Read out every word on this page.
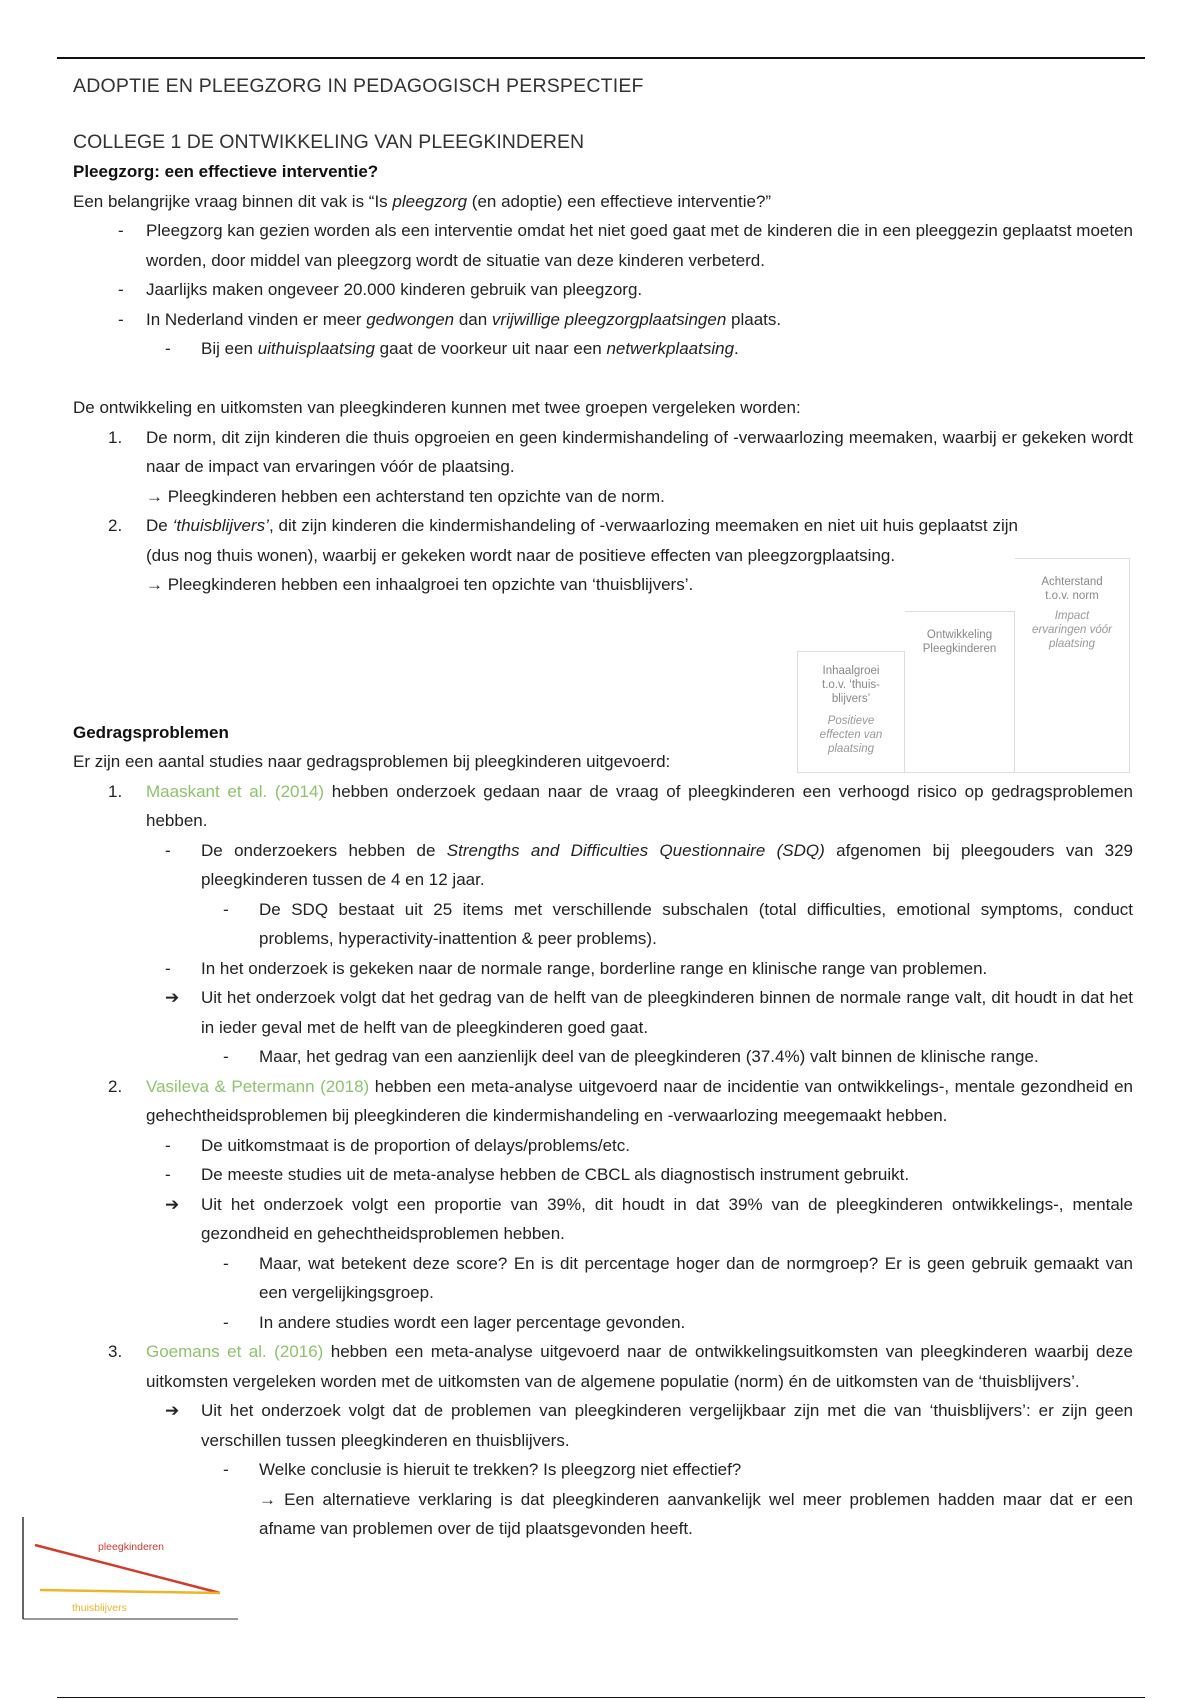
ADOPTIE EN PLEEGZORG IN PEDAGOGISCH PERSPECTIEF
COLLEGE 1 DE ONTWIKKELING VAN PLEEGKINDEREN

Pleegzorg: een effectieve interventie?

Een belangrijke vraag binnen dit vak is “Is pleegzorg (en adoptie) een effectieve interventie?”

- Pleegzorg kan gezien worden als een interventie omdat het niet goed gaat met de kinderen die in een pleeggezin geplaatst moeten worden, door middel van pleegzorg wordt de situatie van deze kinderen verbeterd.
- Jaarlijks maken ongeveer 20.000 kinderen gebruik van pleegzorg.
- In Nederland vinden er meer gedwongen dan vrijwillige pleegzorgplaatsingen plaats.
- Bij een uithuisplaatsing gaat de voorkeur uit naar een netwerkplaatsing.

De ontwikkeling en uitkomsten van pleegkinderen kunnen met twee groepen vergeleken worden:

1. De norm, dit zijn kinderen die thuis opgroeien en geen kindermishandeling of -verwaarlozing meemaken, waarbij er gekeken wordt naar de impact van ervaringen vóór de plaatsing.
→ Pleegkinderen hebben een achterstand ten opzichte van de norm.
2. De ‘thuisblijvers’, dit zijn kinderen die kindermishandeling of -verwaarlozing meemaken en niet uit huis geplaatst zijn (dus nog thuis wonen), waarbij er gekeken wordt naar de positieve effecten van pleegzorgplaatsing.
→ Pleegkinderen hebben een inhaalgroei ten opzichte van ‘thuisblijvers’.

Gedragsproblemen

Er zijn een aantal studies naar gedragsproblemen bij pleegkinderen uitgevoerd:

1. Maaskant et al. (2014) hebben onderzoek gedaan naar de vraag of pleegkinderen een verhoogd risico op gedragsproblemen hebben.
- De onderzoekers hebben de Strengths and Difficulties Questionnaire (SDQ) afgenomen bij pleegouders van 329 pleegkinderen tussen de 4 en 12 jaar.
- De SDQ bestaat uit 25 items met verschillende subschalen (total difficulties, emotional symptoms, conduct problems, hyperactivity-inattention & peer problems).
- In het onderzoek is gekeken naar de normale range, borderline range en klinische range van problemen.
➔ Uit het onderzoek volgt dat het gedrag van de helft van de pleegkinderen binnen de normale range valt, dit houdt in dat het in ieder geval met de helft van de pleegkinderen goed gaat.
- Maar, het gedrag van een aanzienlijk deel van de pleegkinderen (37.4%) valt binnen de klinische range.
2. Vasileva & Petermann (2018) hebben een meta-analyse uitgevoerd naar de incidentie van ontwikkelings-, mentale gezondheid en gehechtheidsproblemen bij pleegkinderen die kindermishandeling en -verwaarlozing meegemaakt hebben.
- De uitkomstmaat is de proportion of delays/problems/etc.
- De meeste studies uit de meta-analyse hebben de CBCL als diagnostisch instrument gebruikt.
➔ Uit het onderzoek volgt een proportie van 39%, dit houdt in dat 39% van de pleegkinderen ontwikkelings-, mentale gezondheid en gehechtheidsproblemen hebben.
- Maar, wat betekent deze score? En is dit percentage hoger dan de normgroep? Er is geen gebruik gemaakt van een vergelijkingsgroep.
- In andere studies wordt een lager percentage gevonden.
3. Goemans et al. (2016) hebben een meta-analyse uitgevoerd naar de ontwikkelingsuitkomsten van pleegkinderen waarbij deze uitkomsten vergeleken worden met de uitkomsten van de algemene populatie (norm) én de uitkomsten van de ‘thuisblijvers’.
➔ Uit het onderzoek volgt dat de problemen van pleegkinderen vergelijkbaar zijn met die van ‘thuisblijvers’: er zijn geen verschillen tussen pleegkinderen en thuisblijvers.
- Welke conclusie is hieruit te trekken? Is pleegzorg niet effectief?
→ Een alternatieve verklaring is dat pleegkinderen aanvankelijk wel meer problemen hadden maar dat er een afname van problemen over de tijd plaatsgevonden heeft.
Inhaalgroei t.o.v. ‘thuis-blijvers’
Positieve effecten van plaatsing
Ontwikkeling Pleegkinderen
Achterstand t.o.v. norm
Impact ervaringen vóór plaatsing
pleegkinderen
thuisblijvers
